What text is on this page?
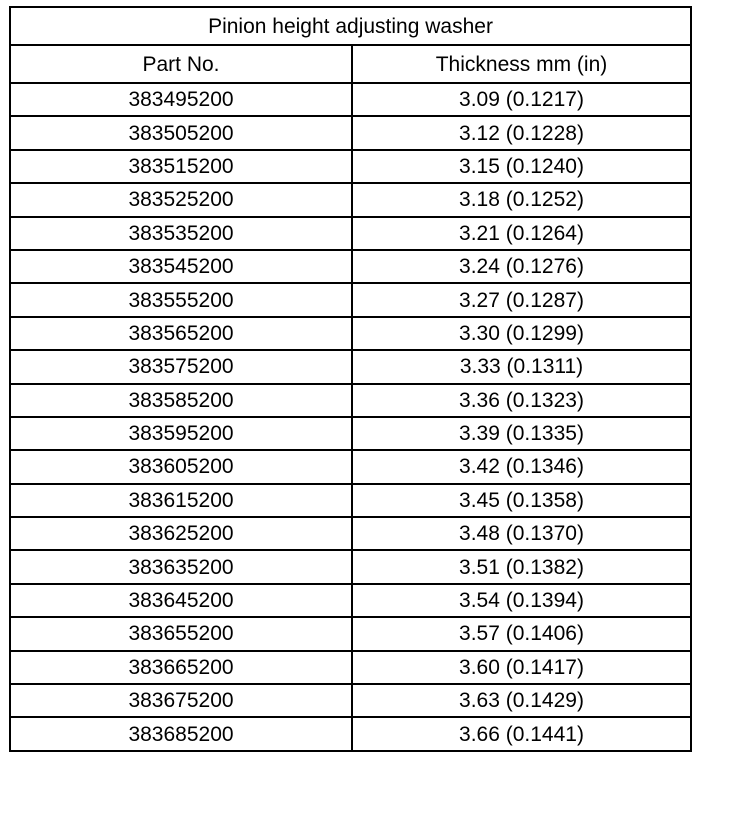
Pinion height adjusting washer	
Part No.	Thickness mm (in)
383495200	3.09 (0.1217)
383505200	3.12 (0.1228)
383515200	3.15 (0.1240)
383525200	3.18 (0.1252)
383535200	3.21 (0.1264)
383545200	3.24 (0.1276)
383555200	3.27 (0.1287)
383565200	3.30 (0.1299)
383575200	3.33 (0.1311)
383585200	3.36 (0.1323)
383595200	3.39 (0.1335)
383605200	3.42 (0.1346)
383615200	3.45 (0.1358)
383625200	3.48 (0.1370)
383635200	3.51 (0.1382)
383645200	3.54 (0.1394)
383655200	3.57 (0.1406)
383665200	3.60 (0.1417)
383675200	3.63 (0.1429)
383685200	3.66 (0.1441)
